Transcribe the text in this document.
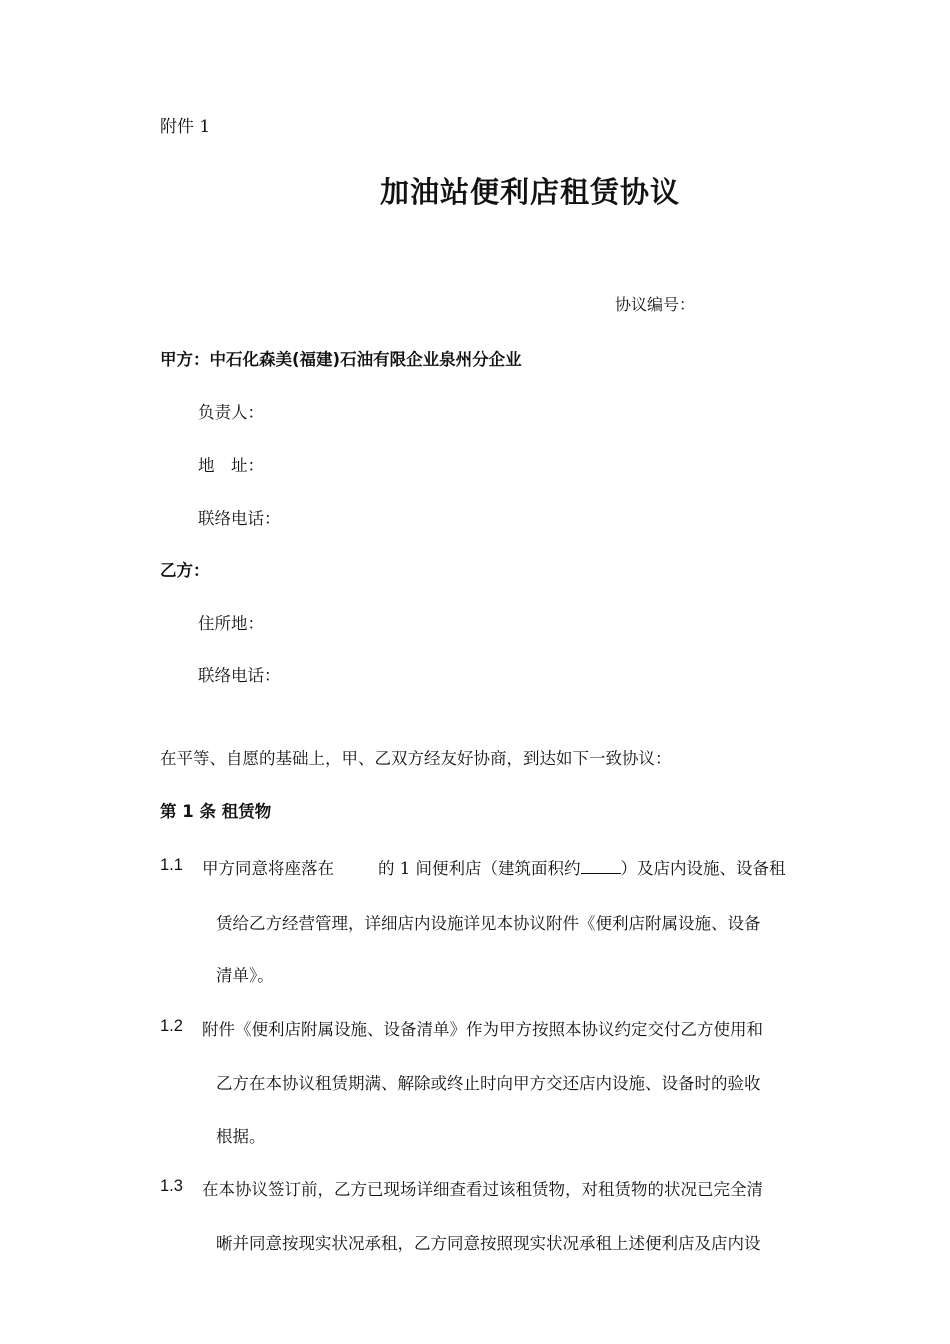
附件 1
加油站便利店租赁协议
协议编号：
甲方：中石化森美(福建)石油有限企业泉州分企业
负责人：
地　址：
联络电话：
乙方：
住所地：
联络电话：
在平等、自愿的基础上，甲、乙双方经友好协商，到达如下一致协议：
第 1 条 租赁物
1.1 甲方同意将座落在	的 1 间便利店（建筑面积约 ）及店内设施、设备租
赁给乙方经营管理，详细店内设施详见本协议附件《便利店附属设施、设备
清单》。
1.2 附件《便利店附属设施、设备清单》作为甲方按照本协议约定交付乙方使用和
乙方在本协议租赁期满、解除或终止时向甲方交还店内设施、设备时的验收
根据。
1.3 在本协议签订前，乙方已现场详细查看过该租赁物，对租赁物的状况已完全清
晰并同意按现实状况承租，乙方同意按照现实状况承租上述便利店及店内设
